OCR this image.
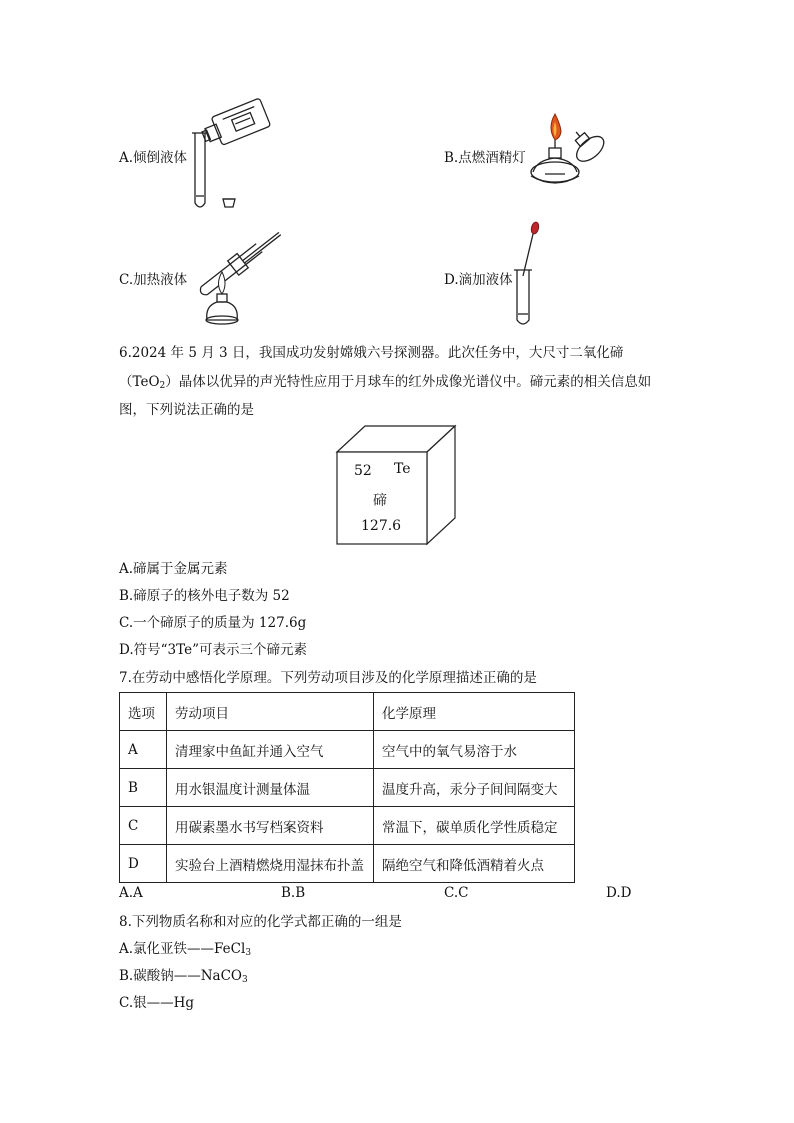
A.倾倒液体	B.点燃酒精灯
C.加热液体	D.滴加液体
6.2024 年 5 月 3 日，我国成功发射嫦娥六号探测器。此次任务中，大尺寸二氧化碲
（TeO$_2$）晶体以优异的声光特性应用于月球车的红外成像光谱仪中。碲元素的相关信息如
图，下列说法正确的是
52 Te
碲
127.6
A.碲属于金属元素
B.碲原子的核外电子数为 52
C.一个碲原子的质量为 127.6g
D.符号“3Te”可表示三个碲元素
7.在劳动中感悟化学原理。下列劳动项目涉及的化学原理描述正确的是
选项	劳动项目	化学原理
A	清理家中鱼缸并通入空气	空气中的氧气易溶于水
B	用水银温度计测量体温	温度升高，汞分子间间隔变大
C	用碳素墨水书写档案资料	常温下，碳单质化学性质稳定
D	实验台上酒精燃烧用湿抹布扑盖	隔绝空气和降低酒精着火点
A.A	B.B	C.C	D.D
8.下列物质名称和对应的化学式都正确的一组是
A.氯化亚铁——FeCl$_3$
B.碳酸钠——NaCO$_3$
C.银——Hg
